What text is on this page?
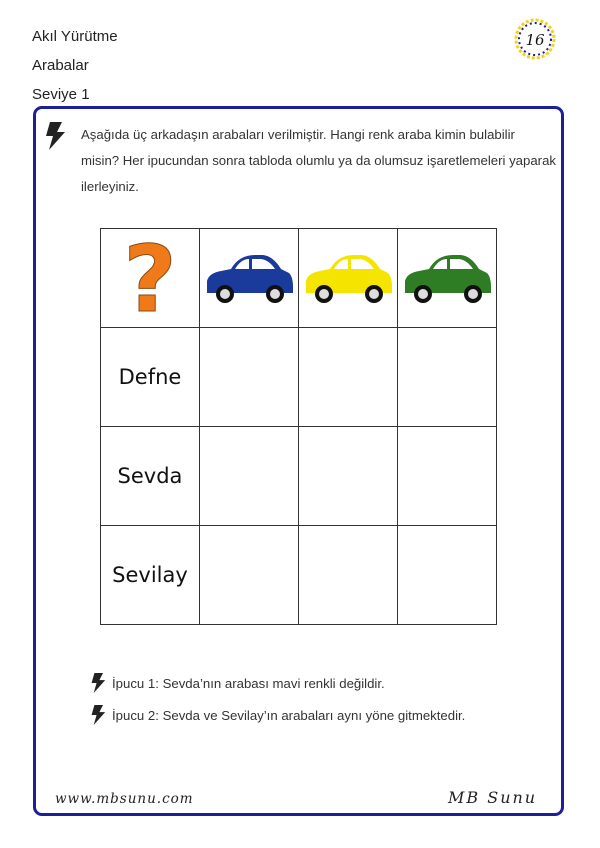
Akıl Yürütme
Arabalar
Seviye 1
16

Aşağıda üç arkadaşın arabaları verilmiştir. Hangi renk araba kimin bulabilir misin? Her ipucundan sonra tabloda olumlu ya da olumsuz işaretlemeleri yaparak ilerleyiniz.

?

Defne			
Sevda			
Sevilay			
İpucu 1: Sevda’nın arabası mavi renkli değildir.
İpucu 2: Sevda ve Sevilay’ın arabaları aynı yöne gitmektedir.
www.mbsunu.com	MB Sunu
